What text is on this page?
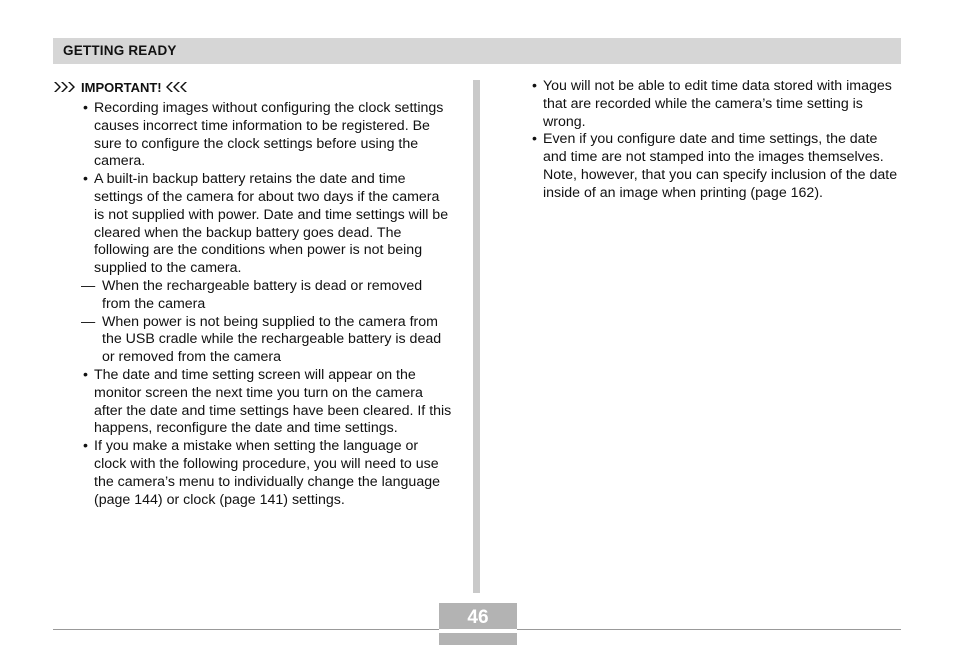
GETTING READY
IMPORTANT!
• Recording images without configuring the clock settings causes incorrect time information to be registered. Be sure to configure the clock settings before using the camera.
• A built-in backup battery retains the date and time settings of the camera for about two days if the camera is not supplied with power. Date and time settings will be cleared when the backup battery goes dead. The following are the conditions when power is not being supplied to the camera.
— When the rechargeable battery is dead or removed from the camera
— When power is not being supplied to the camera from the USB cradle while the rechargeable battery is dead or removed from the camera
• The date and time setting screen will appear on the monitor screen the next time you turn on the camera after the date and time settings have been cleared. If this happens, reconfigure the date and time settings.
• If you make a mistake when setting the language or clock with the following procedure, you will need to use the camera’s menu to individually change the language (page 144) or clock (page 141) settings.
• You will not be able to edit time data stored with images that are recorded while the camera’s time setting is wrong.
• Even if you configure date and time settings, the date and time are not stamped into the images themselves. Note, however, that you can specify inclusion of the date inside of an image when printing (page 162).
46
